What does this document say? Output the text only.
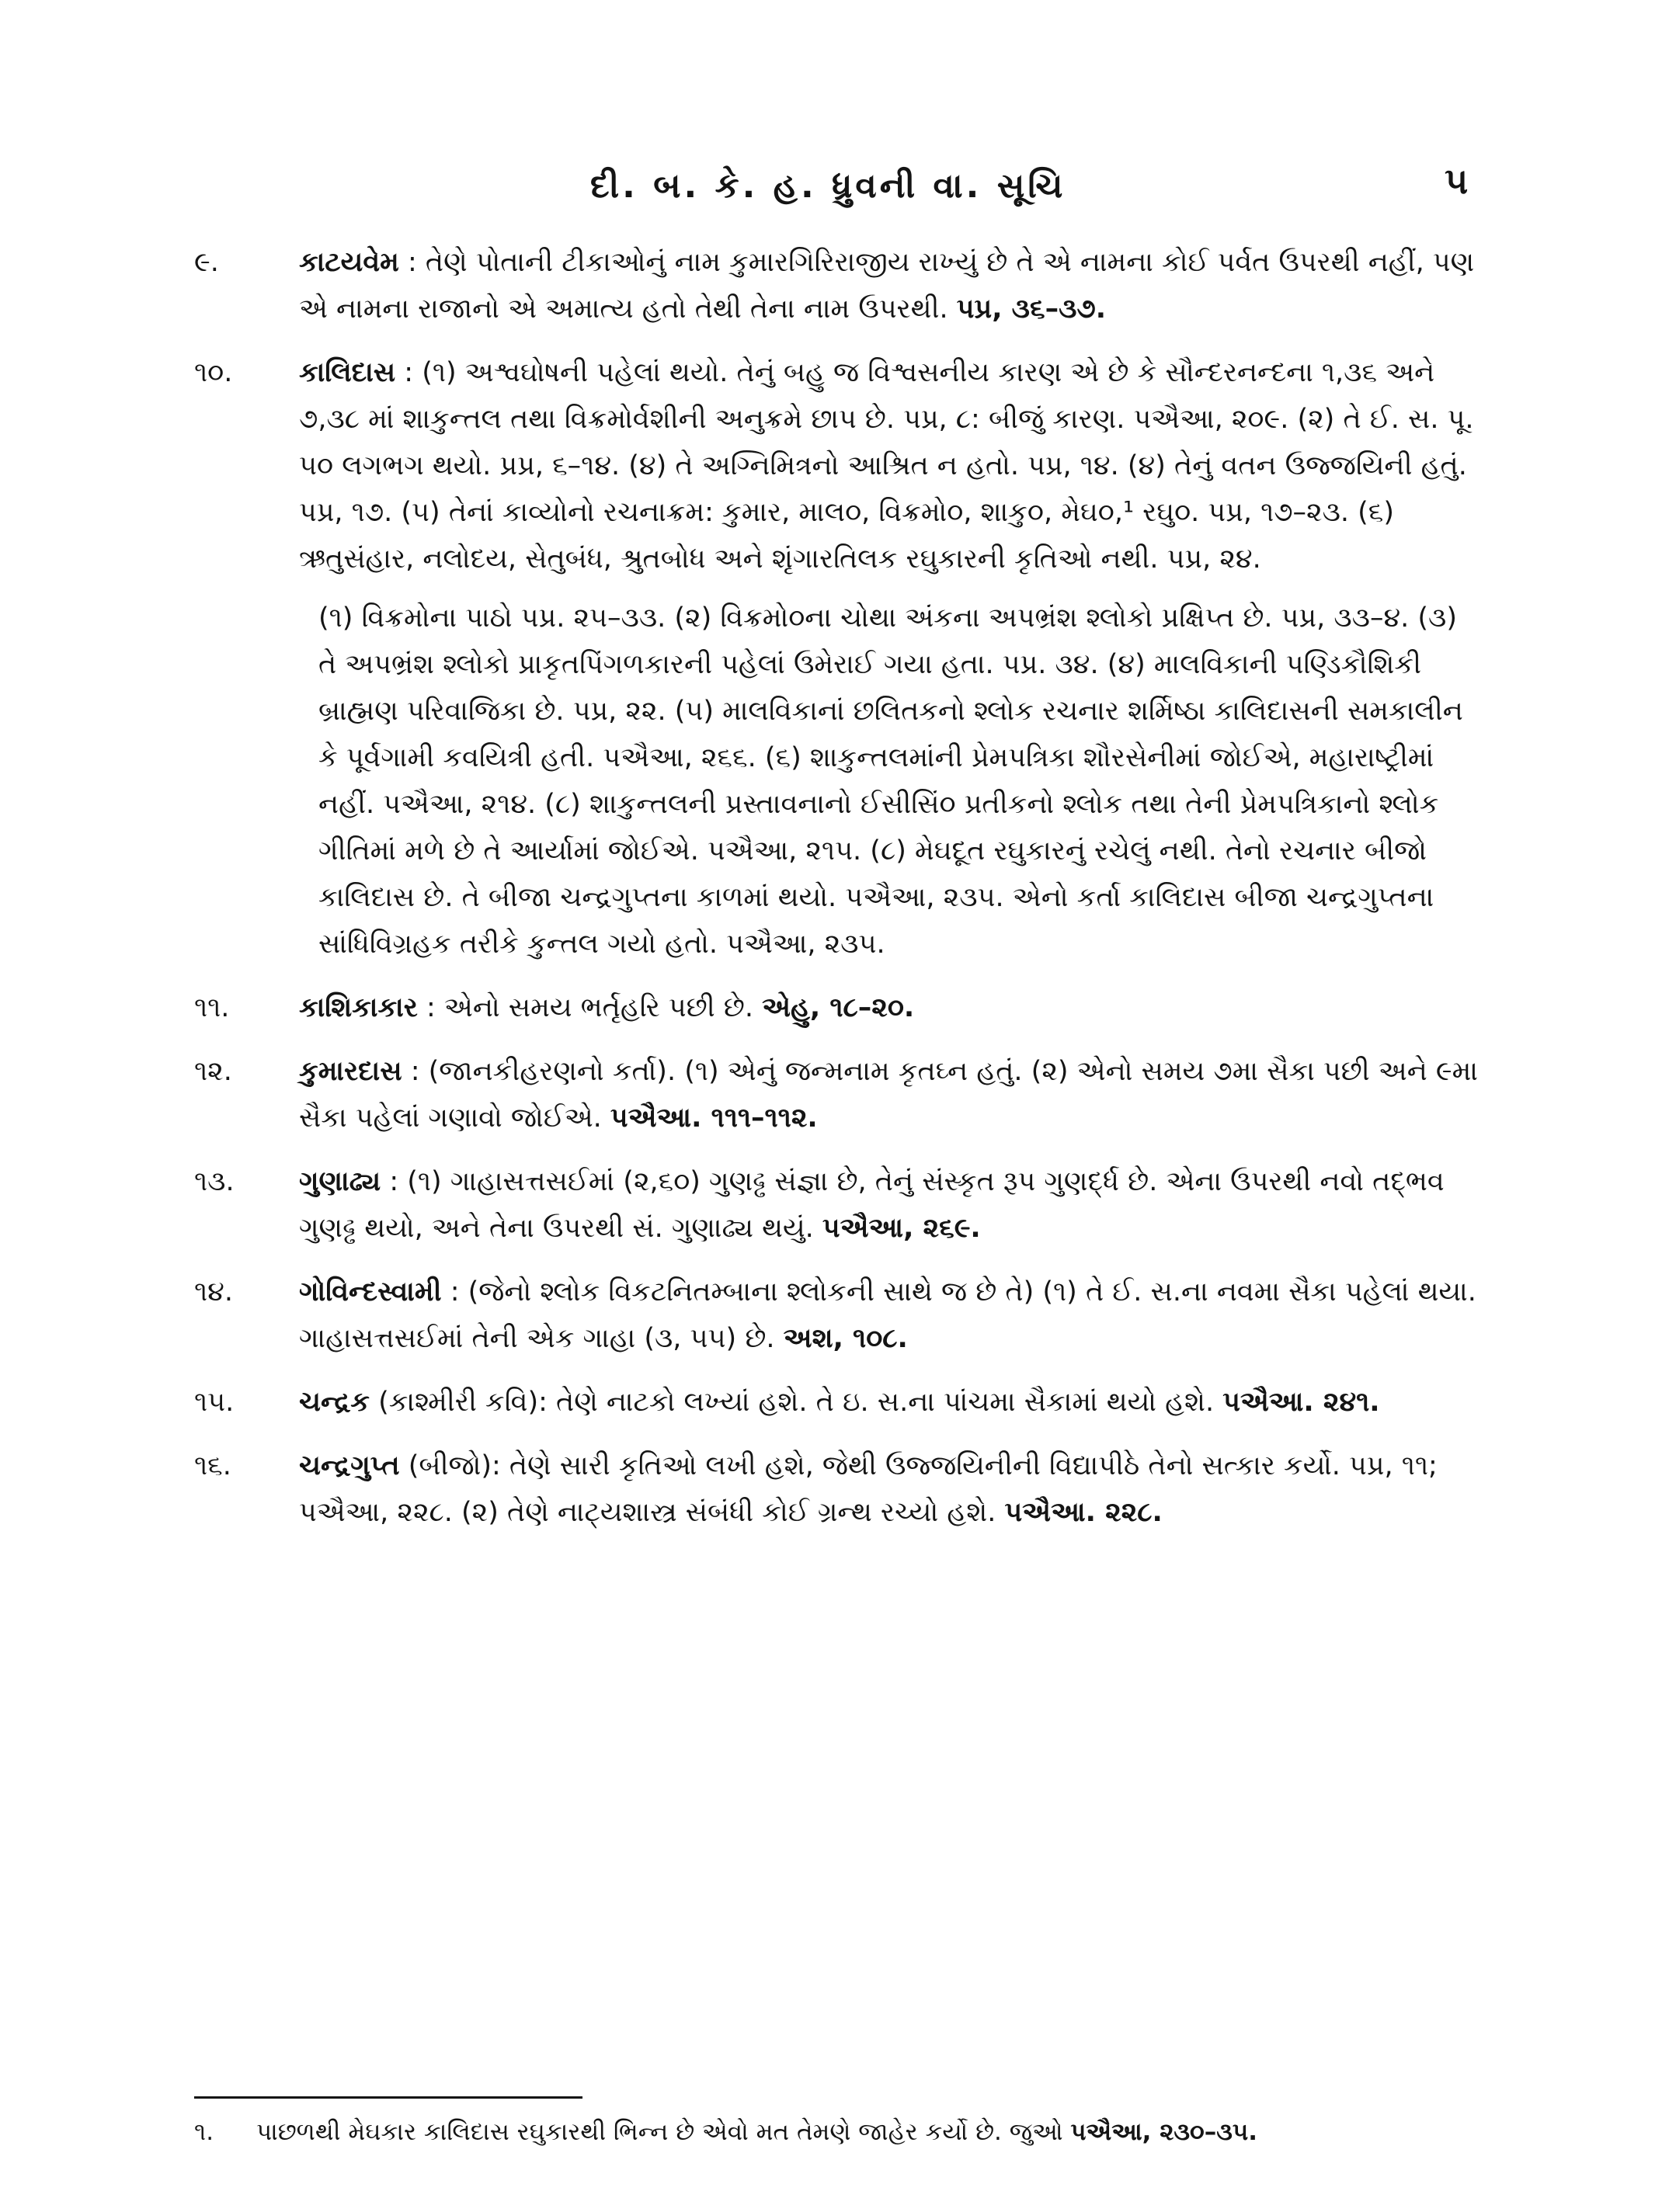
દી. બ. કે. હ. ધ્રુવની વા. સૂચિ	૫
૯.	કાટયવેમ : તેણે પોતાની ટીકાઓનું નામ કુમારગિરિરાજીય રાખ્યું છે તે એ નામના કોઈ પર્વત ઉપરથી નહીં, પણ એ નામના રાજાનો એ અમાત્ય હતો તેથી તેના નામ ઉપરથી. પપ્ર, ૩૬–૩૭.

૧૦. કાલિદાસ : (૧) અશ્વઘોષની પહેલાં થયો. તેનું બહુ જ વિશ્વસનીય કારણ એ છે કે સૌન્દરનન્દના ૧,૩૬ અને ૭,૩૮ માં શાકુન્તલ તથા વિક્રમોર્વશીની અનુક્રમે છાપ છે. પપ્ર, ૮: બીજું કારણ. પઐઆ, ૨૦૯. (૨) તે ઈ. સ. પૂ. ૫૦ લગભગ થયો. પ્રપ્ર, ૬–૧૪. (૪) તે અગ્નિમિત્રનો આશ્રિત ન હતો. પપ્ર, ૧૪. (૪) તેનું વતન ઉજ્જયિની હતું. પપ્ર, ૧૭. (૫) તેનાં કાવ્યોનો રચનાક્રમ: કુમાર, માલ૦, વિક્રમો૦, શાકુ૦, મેઘ૦,¹ રઘુ૦. પપ્ર, ૧૭–૨૩. (૬) ઋતુસંહાર, નલોદય, સેતુબંધ, શ્રુતબોધ અને શૃંગારતિલક રઘુકારની કૃતિઓ નથી. પપ્ર, ૨૪.

(૧) વિક્રમોના પાઠો પપ્ર. ૨૫–૩૩. (૨) વિક્રમો૦ના ચોથા અંકના અપભ્રંશ શ્લોકો પ્રક્ષિપ્ત છે. પપ્ર, ૩૩–૪. (૩) તે અપભ્રંશ શ્લોકો પ્રાકૃતપિંગળકારની પહેલાં ઉમેરાઈ ગયા હતા. પપ્ર. ૩૪. (૪) માલવિકાની પણ્ડિકૌશિકી બ્રાહ્મણ પરિવાજિકા છે. પપ્ર, ૨૨. (૫) માલવિકાનાં છલિતકનો શ્લોક રચનાર શર્મિષ્ઠા કાલિદાસની સમકાલીન કે પૂર્વગામી કવયિત્રી હતી. પઐઆ, ૨૬૬. (૬) શાકુન્તલમાંની પ્રેમપત્રિકા શૌરસેનીમાં જોઈએ, મહારાષ્ટ્રીમાં નહીં. પઐઆ, ૨૧૪. (૮) શાકુન્તલની પ્રસ્તાવનાનો ઈસીસિં૦ પ્રતીકનો શ્લોક તથા તેની પ્રેમપત્રિકાનો શ્લોક ગીતિમાં મળે છે તે આર્યામાં જોઈએ. પઐઆ, ૨૧૫. (૮) મેઘદૂત રઘુકારનું રચેલું નથી. તેનો રચનાર બીજો કાલિદાસ છે. તે બીજા ચન્દ્રગુપ્તના કાળમાં થયો. પઐઆ, ૨૩૫. એનો કર્તા કાલિદાસ બીજા ચન્દ્રગુપ્તના સાંધિવિગ્રહક તરીકે કુન્તલ ગયો હતો. પઐઆ, ૨૩૫.

૧૧.	કાશિકાકાર : એનો સમય ભર્તૃહરિ પછી છે. એહુ, ૧૮–૨૦.

૧૨. કુમારદાસ : (જાનકીહરણનો કર્તા). (૧) એનું જન્મનામ કૃતઘ્ન હતું. (૨) એનો સમય ૭મા સૈકા પછી અને ૯મા સૈકા પહેલાં ગણાવો જોઈએ. પઐઆ. ૧૧૧–૧૧૨.

૧૩. ગુણાઢ્ય : (૧) ગાહાસત્તસઈમાં (૨,૬૦) ગુણઢ્ઢ સંજ્ઞા છે, તેનું સંસ્કૃત રૂપ ગુણર્દ્ધ છે. એના ઉપરથી નવો તદ્ભવ ગુણઢ્ઢ થયો, અને તેના ઉપરથી સં. ગુણાઢ્ય થયું. પઐઆ, ૨૬૯.

૧૪. ગોવિન્દસ્વામી : (જેનો શ્લોક વિકટનિતમ્બાના શ્લોકની સાથે જ છે તે) (૧) તે ઈ. સ.ના નવમા સૈકા પહેલાં થયા. ગાહાસત્તસઈમાં તેની એક ગાહા (૩, ૫૫) છે. અશ, ૧૦૮.

૧૫. ચન્દ્રક (કાશ્મીરી કવિ): તેણે નાટકો લખ્યાં હશે. તે ઇ. સ.ના પાંચમા સૈકામાં થયો હશે. પઐઆ. ૨૪૧.

૧૬. ચન્દ્રગુપ્ત (બીજો): તેણે સારી કૃતિઓ લખી હશે, જેથી ઉજ્જયિનીની વિદ્યાપીઠે તેનો સત્કાર કર્યો. પપ્ર, ૧૧; પઐઆ, ૨૨૮. (૨) તેણે નાટ્યશાસ્ત્ર સંબંધી કોઈ ગ્રન્થ રચ્યો હશે. પઐઆ. ૨૨૮.

૧. પાછળથી મેઘકાર કાલિદાસ રઘુકારથી ભિન્ન છે એવો મત તેમણે જાહેર કર્યો છે. જુઓ પઐઆ, ૨૩૦–૩૫.
